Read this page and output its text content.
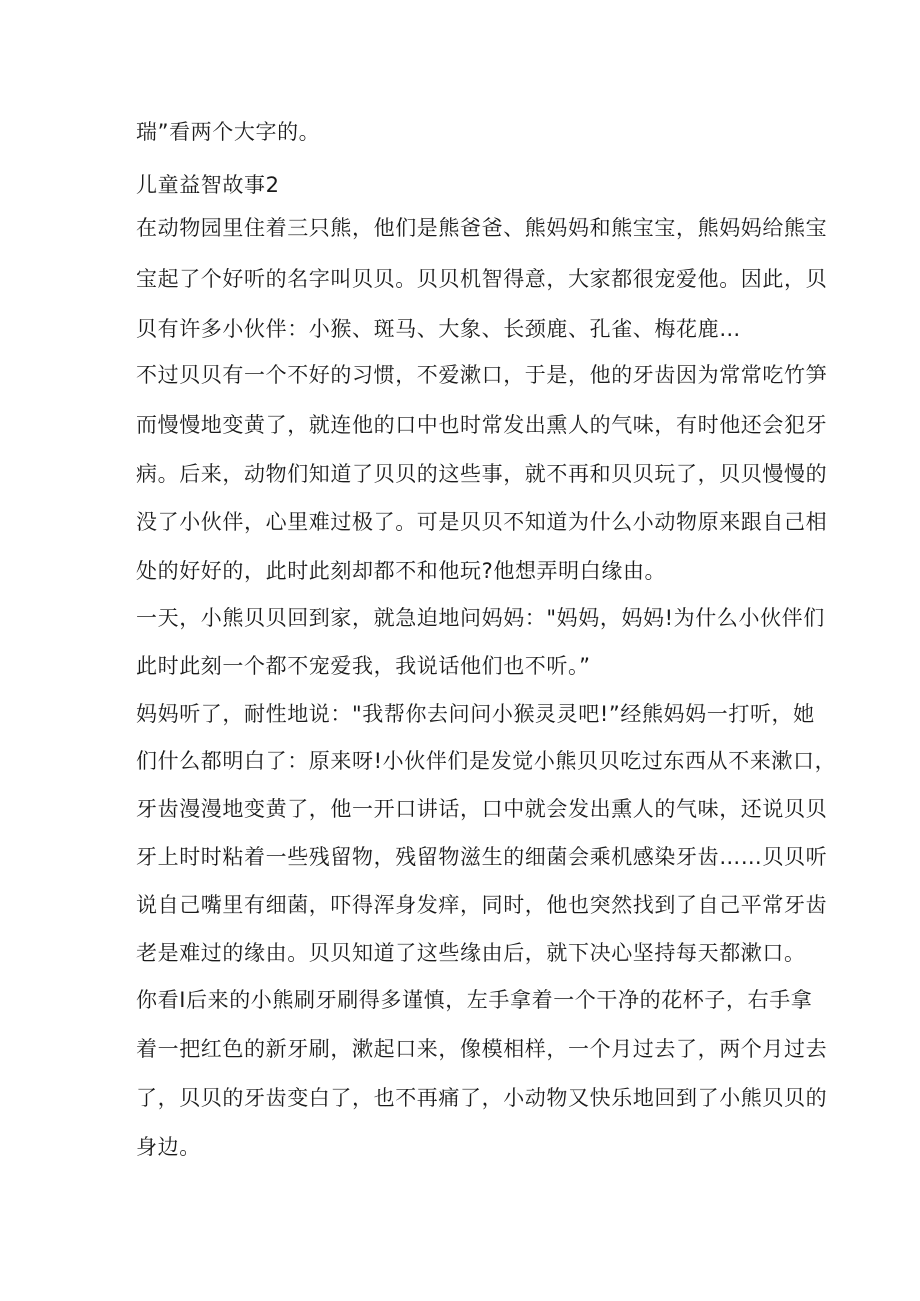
瑞”看两个大字的。
儿童益智故事2
在动物园里住着三只熊，他们是熊爸爸、熊妈妈和熊宝宝，熊妈妈给熊宝
宝起了个好听的名字叫贝贝。贝贝机智得意，大家都很宠爱他。因此，贝
贝有许多小伙伴：小猴、斑马、大象、长颈鹿、孔雀、梅花鹿…
不过贝贝有一个不好的习惯，不爱漱口，于是，他的牙齿因为常常吃竹笋
而慢慢地变黄了，就连他的口中也时常发出熏人的气味，有时他还会犯牙
病。后来，动物们知道了贝贝的这些事，就不再和贝贝玩了，贝贝慢慢的
没了小伙伴，心里难过极了。可是贝贝不知道为什么小动物原来跟自己相
处的好好的，此时此刻却都不和他玩?他想弄明白缘由。
一天，小熊贝贝回到家，就急迫地问妈妈："妈妈，妈妈!为什么小伙伴们
此时此刻一个都不宠爱我，我说话他们也不听。”
妈妈听了，耐性地说："我帮你去问问小猴灵灵吧!”经熊妈妈一打听，她
们什么都明白了：原来呀!小伙伴们是发觉小熊贝贝吃过东西从不来漱口，
牙齿漫漫地变黄了，他一开口讲话，口中就会发出熏人的气味，还说贝贝
牙上时时粘着一些残留物，残留物滋生的细菌会乘机感染牙齿……贝贝听
说自己嘴里有细菌，吓得浑身发痒，同时，他也突然找到了自己平常牙齿
老是难过的缘由。贝贝知道了这些缘由后，就下决心坚持每天都漱口。
你看I后来的小熊刷牙刷得多谨慎，左手拿着一个干净的花杯子，右手拿
着一把红色的新牙刷，漱起口来，像模相样，一个月过去了，两个月过去
了，贝贝的牙齿变白了，也不再痛了，小动物又快乐地回到了小熊贝贝的
身边。
